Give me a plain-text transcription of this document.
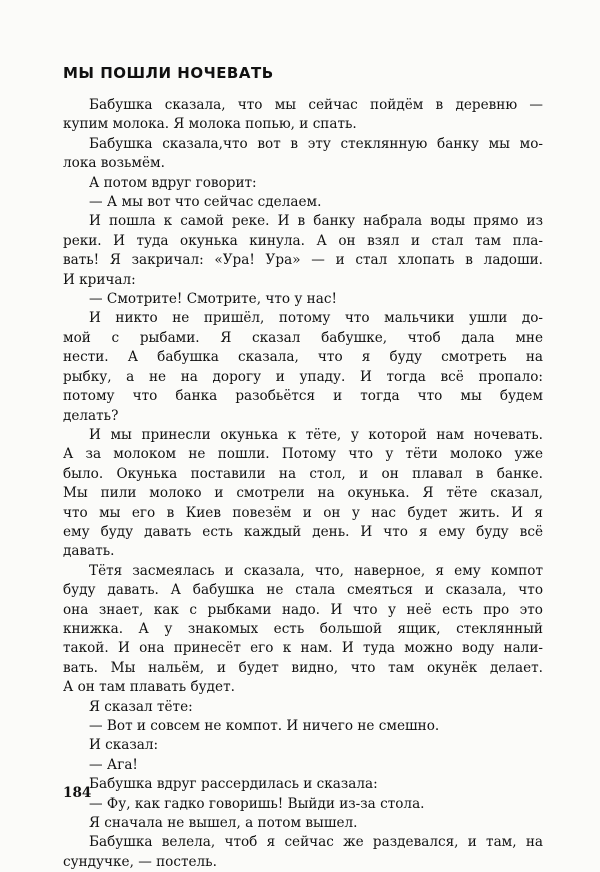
МЫ ПОШЛИ НОЧЕВАТЬ
Бабушка сказала, что мы сейчас пойдём в деревню —
купим молока. Я молока попью, и спать.
Бабушка сказала,что вот в эту стеклянную банку мы мо-
лока возьмём.
А потом вдруг говорит:
— А мы вот что сейчас сделаем.
И пошла к самой реке. И в банку набрала воды прямо из
реки. И туда окунька кинула. А он взял и стал там пла-
вать! Я закричал: «Ура! Ура» — и стал хлопать в ладоши.
И кричал:
— Смотрите! Смотрите, что у нас!
И никто не пришёл, потому что мальчики ушли до-
мой с рыбами. Я сказал бабушке, чтоб дала мне
нести. А бабушка сказала, что я буду смотреть на
рыбку, а не на дорогу и упаду. И тогда всё пропало:
потому что банка разобьётся и тогда что мы будем
делать?
И мы принесли окунька к тёте, у которой нам ночевать.
А за молоком не пошли. Потому что у тёти молоко уже
было. Окунька поставили на стол, и он плавал в банке.
Мы пили молоко и смотрели на окунька. Я тёте сказал,
что мы его в Киев повезём и он у нас будет жить. И я
ему буду давать есть каждый день. И что я ему буду всё
давать.
Тётя засмеялась и сказала, что, наверное, я ему компот
буду давать. А бабушка не стала смеяться и сказала, что
она знает, как с рыбками надо. И что у неё есть про это
книжка. А у знакомых есть большой ящик, стеклянный
такой. И она принесёт его к нам. И туда можно воду нали-
вать. Мы нальём, и будет видно, что там окунёк делает.
А он там плавать будет.
Я сказал тёте:
— Вот и совсем не компот. И ничего не смешно.
И сказал:
— Ага!
Бабушка вдруг рассердилась и сказала:
— Фу, как гадко говоришь! Выйди из-за стола.
Я сначала не вышел, а потом вышел.
Бабушка велела, чтоб я сейчас же раздевался, и там, на
сундучке, — постель.
184
